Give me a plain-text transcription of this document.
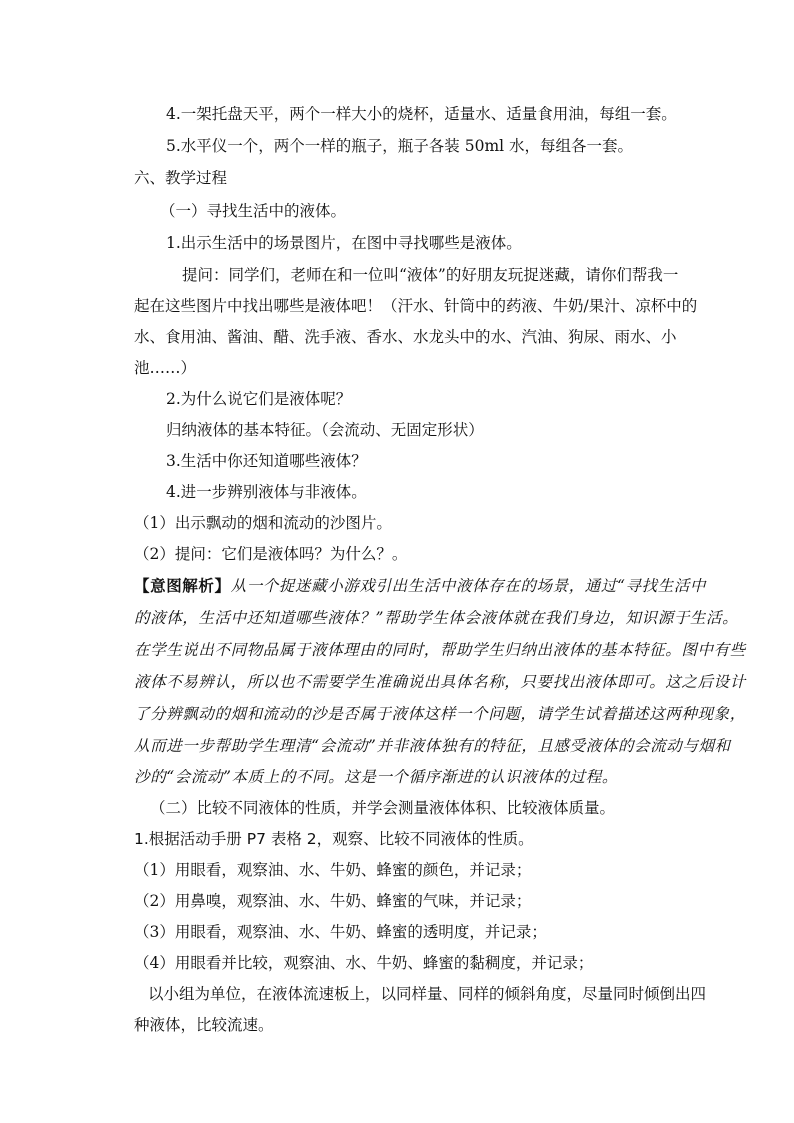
4.一架托盘天平，两个一样大小的烧杯，适量水、适量食用油，每组一套。
5.水平仪一个，两个一样的瓶子，瓶子各装 50ml 水，每组各一套。
六、教学过程
（一）寻找生活中的液体。
1.出示生活中的场景图片，在图中寻找哪些是液体。
提问：同学们，老师在和一位叫“液体”的好朋友玩捉迷藏，请你们帮我一
起在这些图片中找出哪些是液体吧！（汗水、针筒中的药液、牛奶/果汁、凉杯中的
水、食用油、酱油、醋、洗手液、香水、水龙头中的水、汽油、狗尿、雨水、小
池……）
2.为什么说它们是液体呢？
归纳液体的基本特征。（会流动、无固定形状）
3.生活中你还知道哪些液体？
4.进一步辨别液体与非液体。
（1）出示飘动的烟和流动的沙图片。
（2）提问：它们是液体吗？为什么？。
【意图解析】从一个捉迷藏小游戏引出生活中液体存在的场景，通过“寻找生活中
的液体，生活中还知道哪些液体？”帮助学生体会液体就在我们身边，知识源于生活。
在学生说出不同物品属于液体理由的同时，帮助学生归纳出液体的基本特征。图中有些
液体不易辨认，所以也不需要学生准确说出具体名称，只要找出液体即可。这之后设计
了分辨飘动的烟和流动的沙是否属于液体这样一个问题，请学生试着描述这两种现象，
从而进一步帮助学生理清“会流动”并非液体独有的特征，且感受液体的会流动与烟和
沙的“会流动”本质上的不同。这是一个循序渐进的认识液体的过程。
（二）比较不同液体的性质，并学会测量液体体积、比较液体质量。
1.根据活动手册 P7 表格 2，观察、比较不同液体的性质。
（1）用眼看，观察油、水、牛奶、蜂蜜的颜色，并记录；
（2）用鼻嗅，观察油、水、牛奶、蜂蜜的气味，并记录；
（3）用眼看，观察油、水、牛奶、蜂蜜的透明度，并记录；
（4）用眼看并比较，观察油、水、牛奶、蜂蜜的黏稠度，并记录；
以小组为单位，在液体流速板上，以同样量、同样的倾斜角度，尽量同时倾倒出四
种液体，比较流速。
